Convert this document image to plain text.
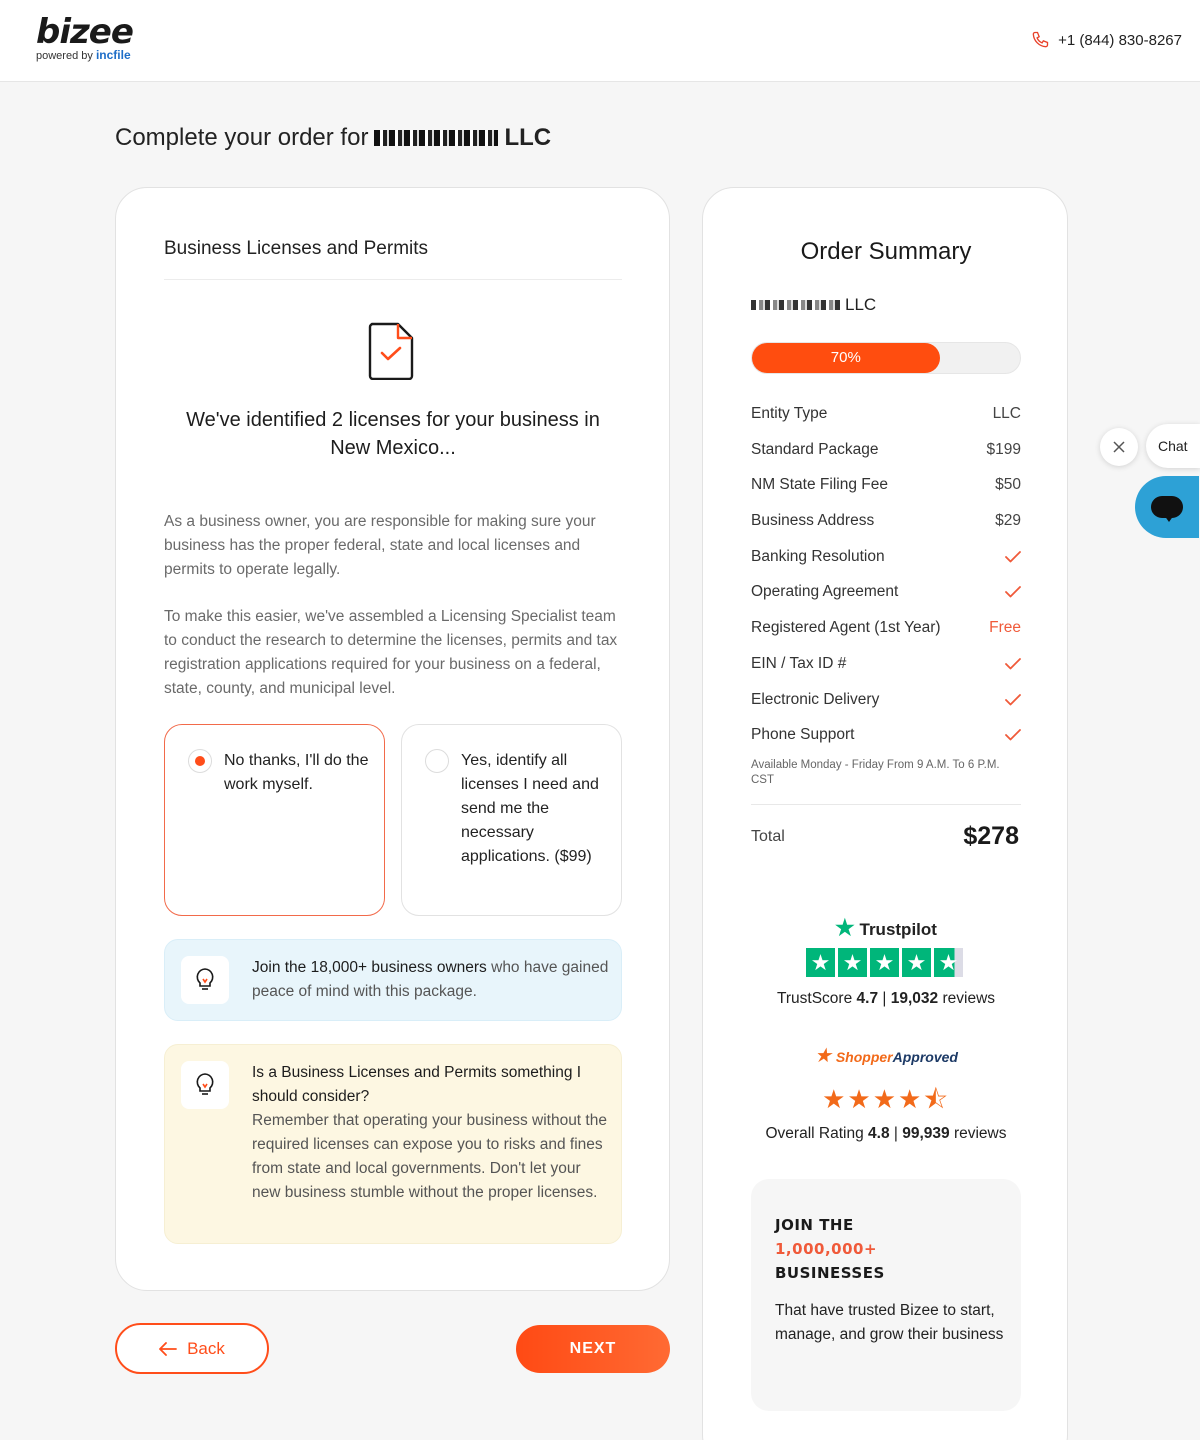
bizee
powered by incfile
+1 (844) 830-8267
Complete your order for	LLC
Business Licenses and Permits
We've identified 2 licenses for your business in New Mexico...
As a business owner, you are responsible for making sure your business has the proper federal, state and local licenses and permits to operate legally.
To make this easier, we've assembled a Licensing Specialist team to conduct the research to determine the licenses, permits and tax registration applications required for your business on a federal, state, county, and municipal level.
No thanks, I'll do the work myself.
Yes, identify all licenses I need and send me the necessary applications. ($99)
Join the 18,000+ business owners who have gained peace of mind with this package.
Is a Business Licenses and Permits something I should consider?
Remember that operating your business without the required licenses can expose you to risks and fines from state and local governments. Don't let your new business stumble without the proper licenses.
Back	NEXT
Order Summary
LLC
70%
Entity Type	LLC
Standard Package	$199
NM State Filing Fee	$50
Business Address	$29
Banking Resolution
Operating Agreement
Registered Agent (1st Year)	Free
EIN / Tax ID #
Electronic Delivery
Phone Support
Available Monday - Friday From 9 A.M. To 6 P.M. CST
Total	$278
★ Trustpilot
★ ★ ★ ★ ★
TrustScore 4.7 | 19,032 reviews
★ ShopperApproved
★★★★⯪
Overall Rating 4.8 | 99,939 reviews
JOIN THE
1,000,000+
BUSINESSES
That have trusted Bizee to start, manage, and grow their business
Chat
